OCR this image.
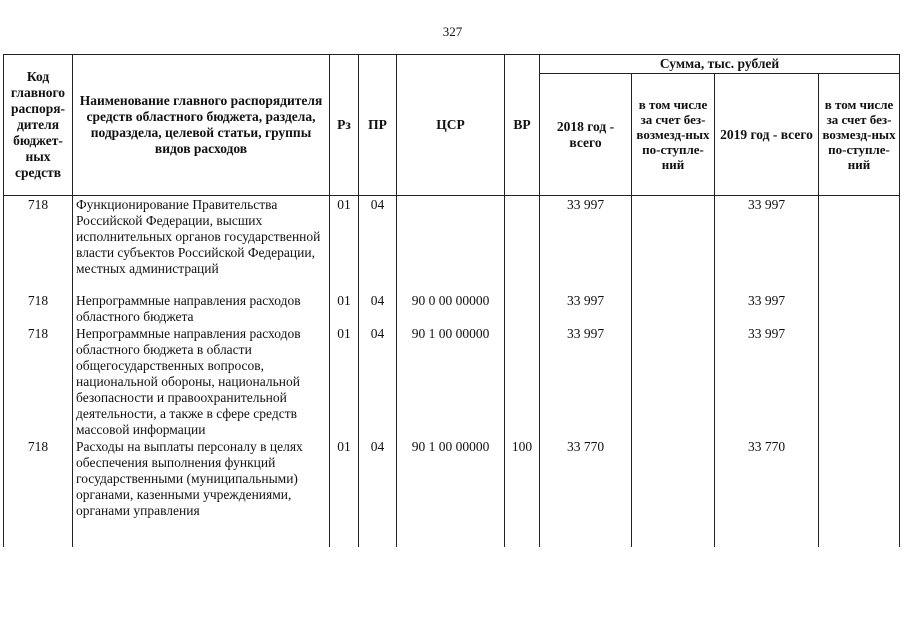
327
Код главного распоря-дителя бюджет-ных средств	Наименование главного распорядителя средств областного бюджета, раздела, подраздела, целевой статьи, группы видов расходов	Рз	ПР	ЦСР	ВР	Сумма, тыс. рублей			
						2018 год - всего	в том числе за счет без-возмезд-ных по-ступле-ний	2019 год - всего	в том числе за счет без-возмезд-ных по-ступле-ний
718	Функционирование Правительства Российской Федерации, высших исполнительных органов государственной власти субъектов Российской Федерации, местных администраций	01	04			33 997		33 997	

718	Непрограммные направления расходов областного бюджета	01	04	90 0 00 00000		33 997		33 997	
718	Непрограммные направления расходов областного бюджета в области общегосударственных вопросов, национальной обороны, национальной безопасности и правоохранительной деятельности, а также в сфере средств массовой информации	01	04	90 1 00 00000		33 997		33 997	
718	Расходы на выплаты персоналу в целях обеспечения выполнения функций государственными (муниципальными) органами, казенными учреждениями, органами управления	01	04	90 1 00 00000	100	33 770		33 770	
